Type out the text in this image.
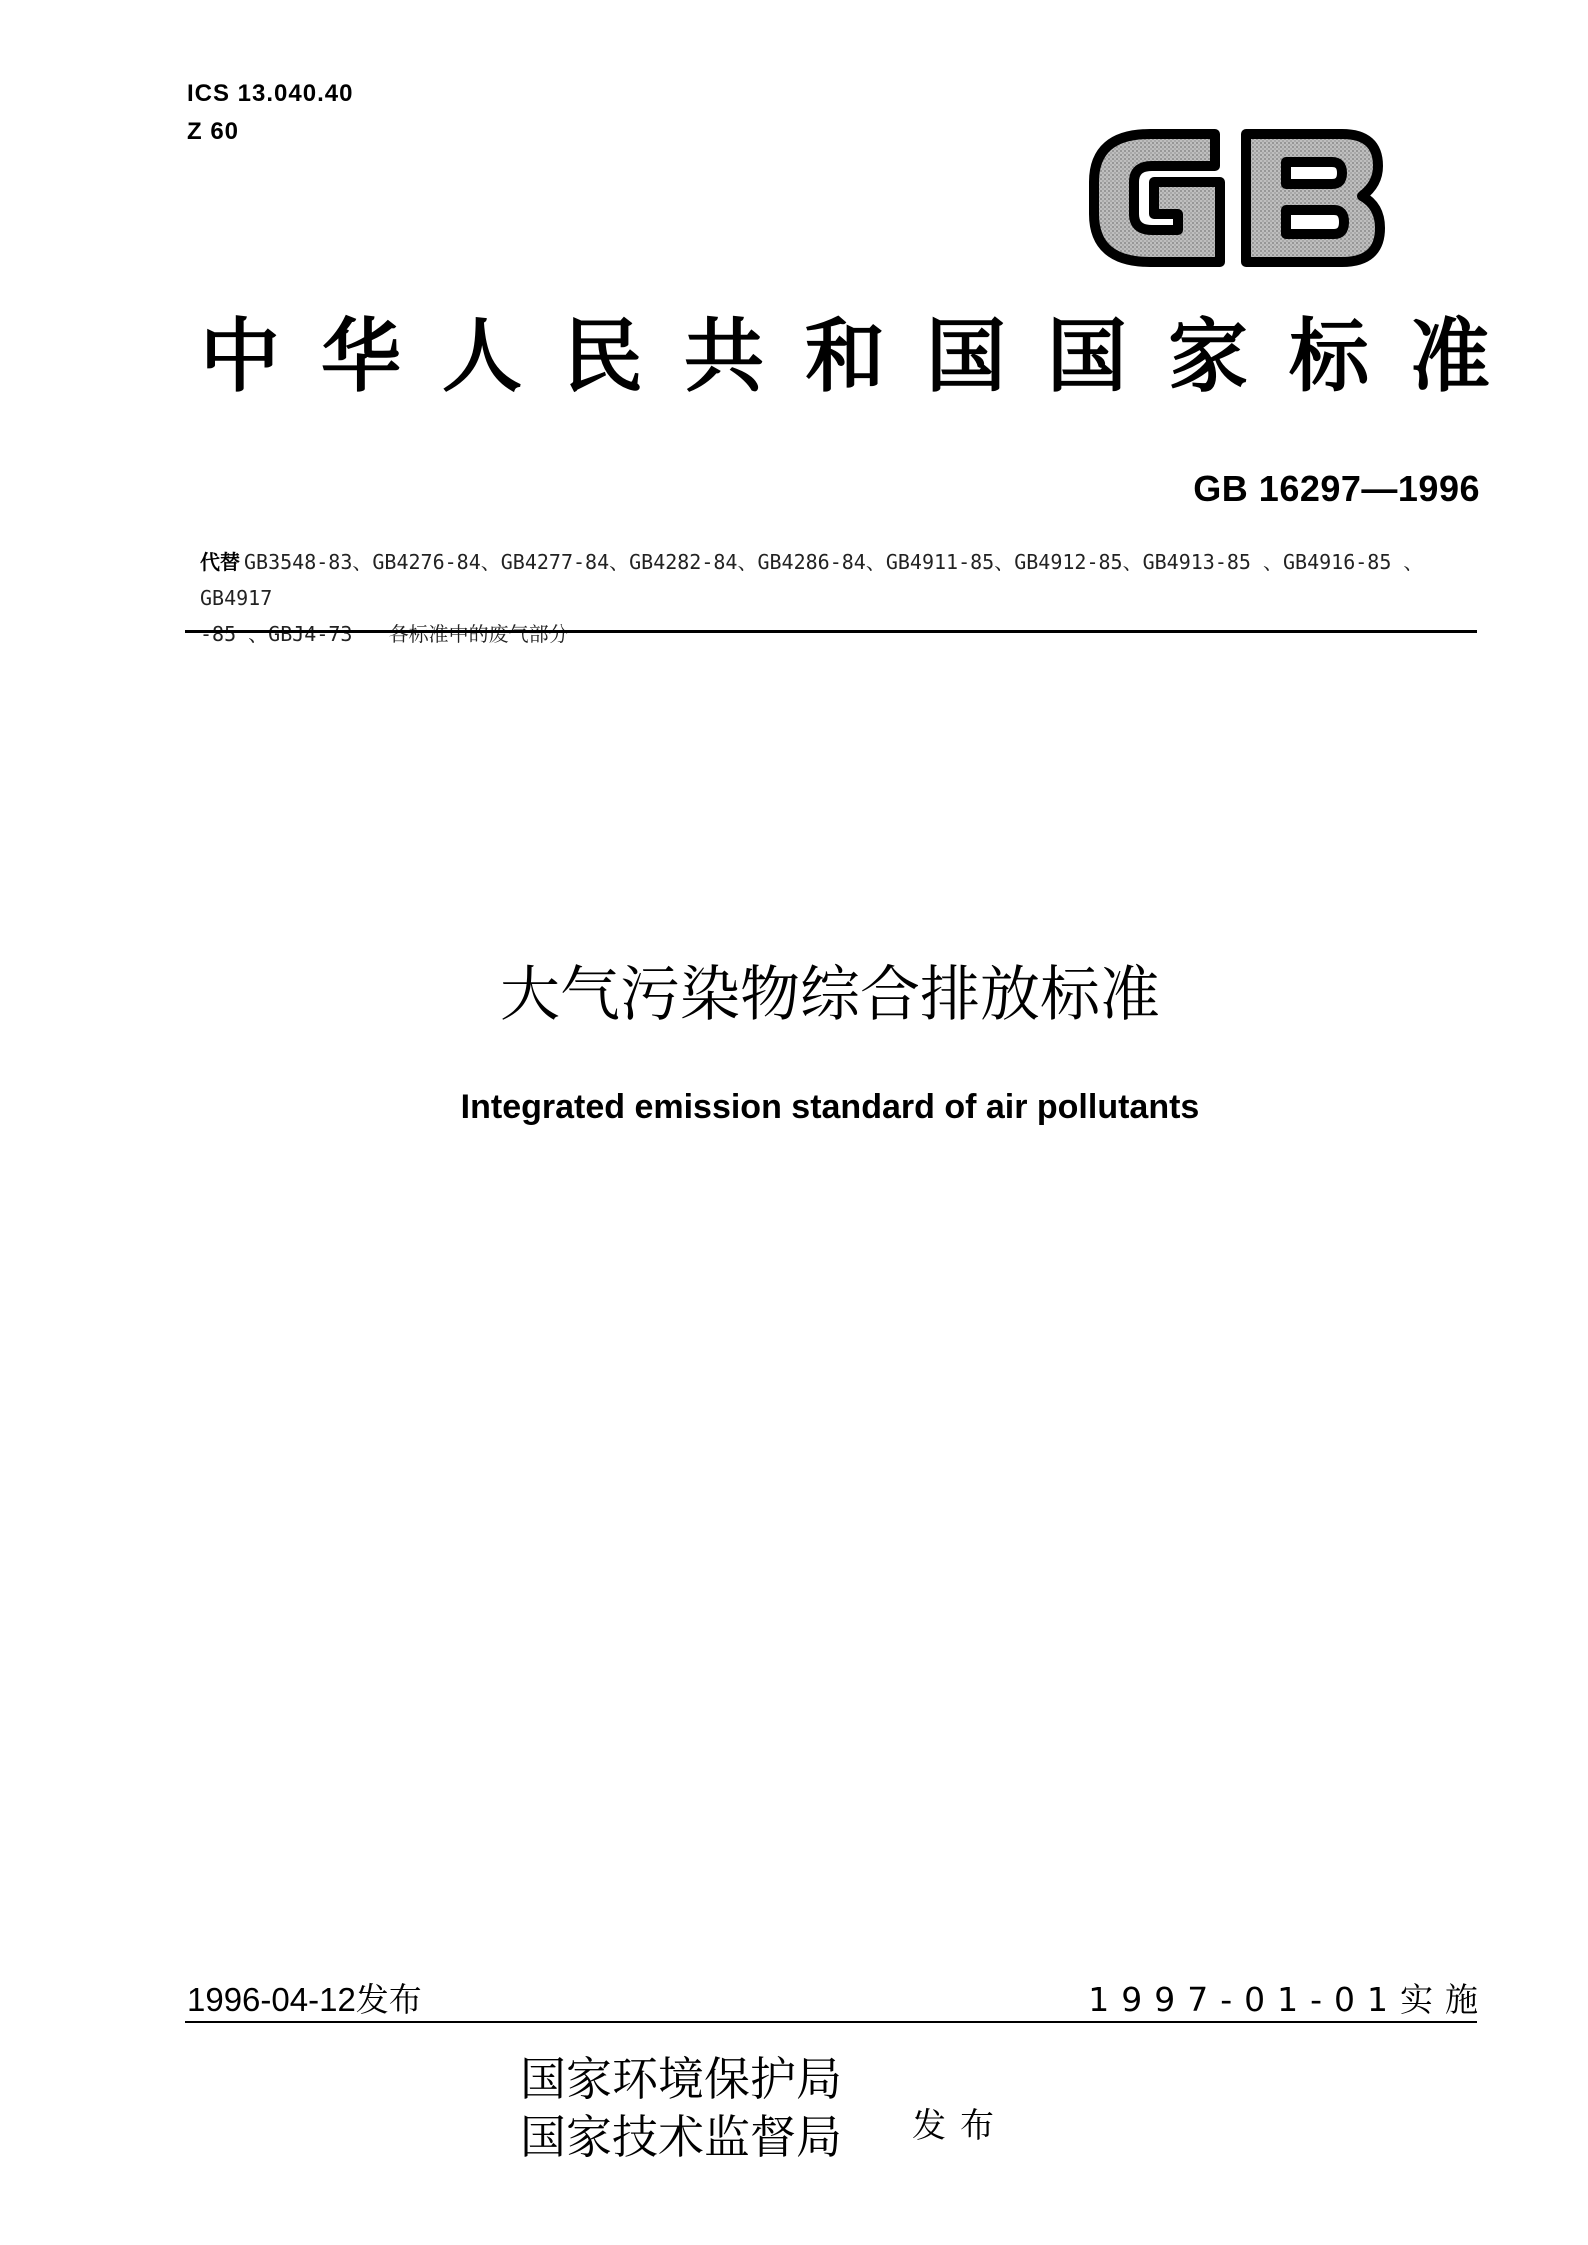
ICS 13.040.40
Z 60
中 华 人 民 共 和 国 国 家 标 准
GB 16297—1996
代替 GB3548-83、GB4276-84、GB4277-84、GB4282-84、GB4286-84、GB4911-85、GB4912-85、GB4913-85 、GB4916-85 、GB4917
-85 、GBJ4-73 各标准中的废气部分
大气污染物综合排放标准
Integrated emission standard of air pollutants
1996-04-12发布	1997-01-01实施
国家环境保护局
国家技术监督局 发布
